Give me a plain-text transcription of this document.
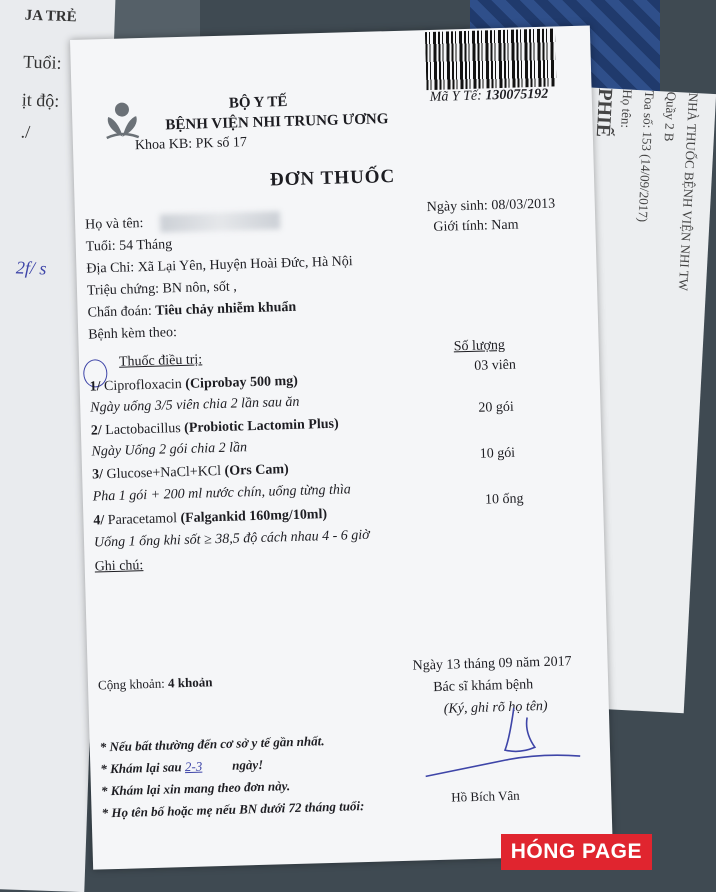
JA TRẺ
Tuổi:
ịt độ:
./
2f/ s	NHÀ THUỐC BỆNH VIỆN NHI TW
Quầy 2 B
Toa số: 153 (14/09/2017)
Họ tên:
PHIẾ
Mã Y Tế: 130075192
BỘ Y TẾ
BỆNH VIỆN NHI TRUNG ƯƠNG
Khoa KB: PK số 17
ĐƠN THUỐC
Ngày sinh: 08/03/2013
Giới tính: Nam
Họ và tên:
Tuổi: 54 Tháng
Địa Chỉ: Xã Lại Yên, Huyện Hoài Đức, Hà Nội
Triệu chứng: BN nôn, sốt ,
Chẩn đoán: Tiêu chảy nhiễm khuẩn
Bệnh kèm theo:
Thuốc điều trị:
Số lượng
1/ Ciprofloxacin (Ciprobay 500 mg)
03 viên
Ngày uống 3/5 viên chia 2 lần sau ăn
2/ Lactobacillus (Probiotic Lactomin Plus)
20 gói
Ngày Uống 2 gói chia 2 lần
3/ Glucose+NaCl+KCl (Ors Cam)
10 gói
Pha 1 gói + 200 ml nước chín, uống từng thìa
4/ Paracetamol (Falgankid 160mg/10ml)
10 ống
Uống 1 ống khi sốt ≥ 38,5 độ cách nhau 4 - 6 giờ
Ghi chú:
Cộng khoản: 4 khoản
Ngày 13 tháng 09 năm 2017
Bác sĩ khám bệnh
(Ký, ghi rõ họ tên)
Hồ Bích Vân
* Nếu bất thường đến cơ sở y tế gần nhất.
* Khám lại sau 2-3 ngày!
* Khám lại xin mang theo đơn này.
* Họ tên bố hoặc mẹ nếu BN dưới 72 tháng tuổi:
HÓNG PAGE
